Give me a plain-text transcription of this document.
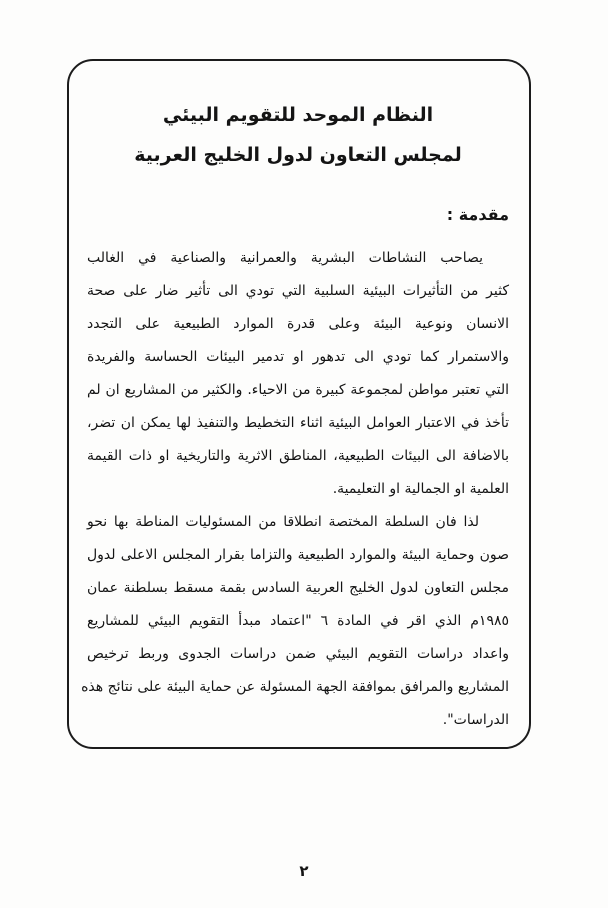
النظام الموحد للتقويم البيئي
لمجلس التعاون لدول الخليج العربية
مقدمة :
يصاحب النشاطات البشرية والعمرانية والصناعية في الغالب
كثير من التأثيرات البيئية السلبية التي تودي الى تأثير ضار على صحة
الانسان ونوعية البيئة وعلى قدرة الموارد الطبيعية على التجدد
والاستمرار كما تودي الى تدهور او تدمير البيئات الحساسة والفريدة
التي تعتبر مواطن لمجموعة كبيرة من الاحياء. والكثير من المشاريع ان لم
تأخذ في الاعتبار العوامل البيئية اثناء التخطيط والتنفيذ لها يمكن ان تضر،
بالاضافة الى البيئات الطبيعية، المناطق الاثرية والتاريخية او ذات القيمة
العلمية او الجمالية او التعليمية.
لذا فان السلطة المختصة انطلاقا من المسئوليات المناطة بها نحو
صون وحماية البيئة والموارد الطبيعية والتزاما بقرار المجلس الاعلى لدول
مجلس التعاون لدول الخليج العربية السادس بقمة مسقط بسلطنة عمان
١٩٨٥م الذي اقر في المادة ٦ "اعتماد مبدأ التقويم البيئي للمشاريع
واعداد دراسات التقويم البيئي ضمن دراسات الجدوى وربط ترخيص
المشاريع والمرافق بموافقة الجهة المسئولة عن حماية البيئة على نتائج هذه
الدراسات".
٢
